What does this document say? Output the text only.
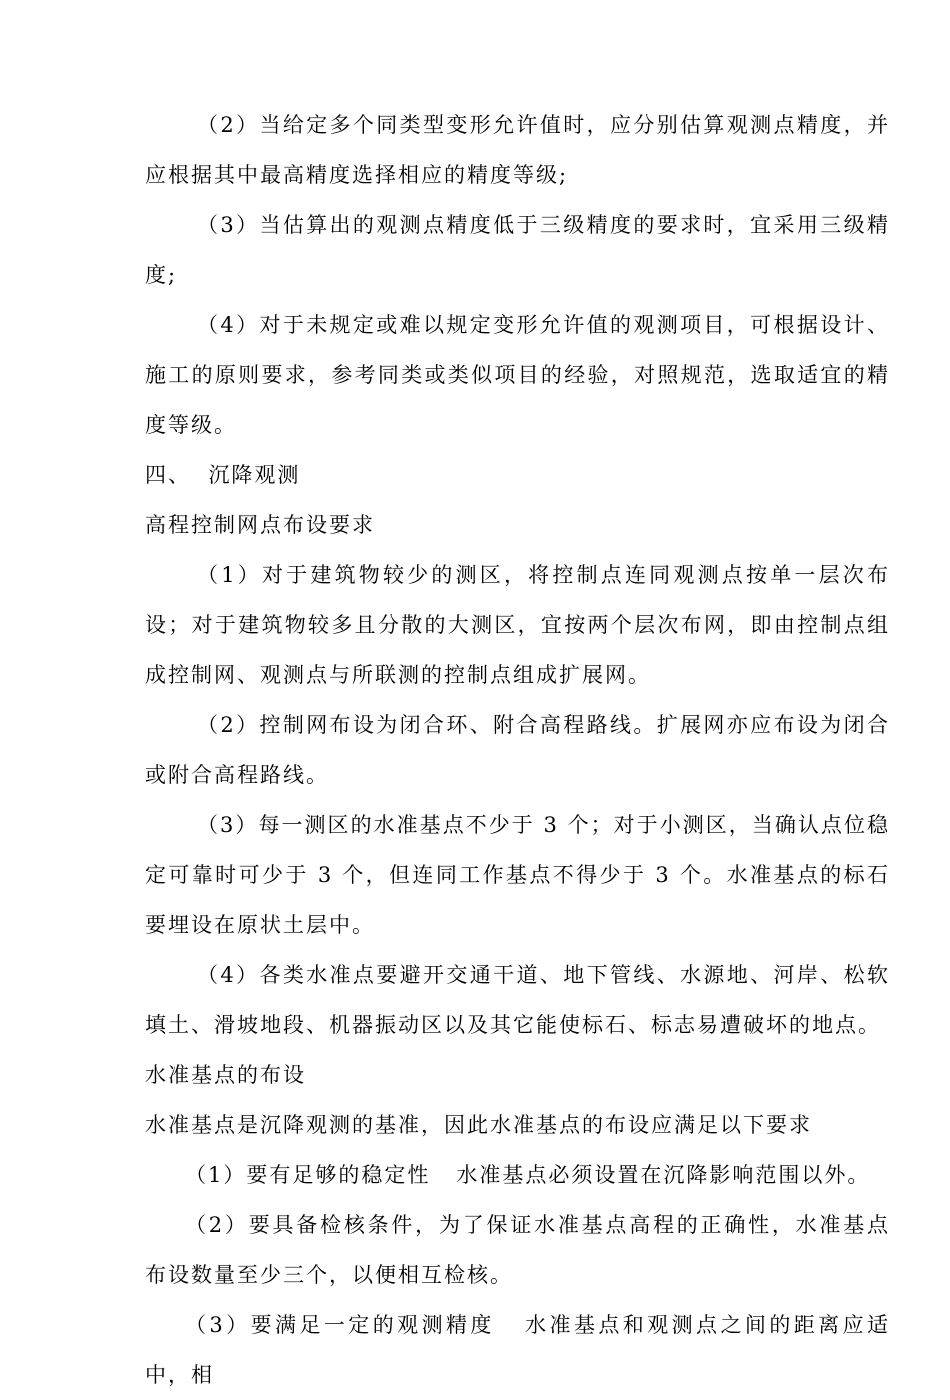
（2）当给定多个同类型变形允许值时，应分别估算观测点精度，并应根据其中最高精度选择相应的精度等级;

（3）当估算出的观测点精度低于三级精度的要求时，宜采用三级精度;

（4）对于未规定或难以规定变形允许值的观测项目，可根据设计、施工的原则要求，参考同类或类似项目的经验，对照规范，选取适宜的精度等级。

四、  沉降观测

高程控制网点布设要求

（1）对于建筑物较少的测区，将控制点连同观测点按单一层次布设；对于建筑物较多且分散的大测区，宜按两个层次布网，即由控制点组成控制网、观测点与所联测的控制点组成扩展网。

（2）控制网布设为闭合环、附合高程路线。扩展网亦应布设为闭合或附合高程路线。

（3）每一测区的水准基点不少于 3 个；对于小测区，当确认点位稳定可靠时可少于 3 个，但连同工作基点不得少于 3 个。水准基点的标石要埋设在原状土层中。

（4）各类水准点要避开交通干道、地下管线、水源地、河岸、松软填土、滑坡地段、机器振动区以及其它能使标石、标志易遭破坏的地点。

水准基点的布设

水准基点是沉降观测的基准，因此水准基点的布设应满足以下要求

（1）要有足够的稳定性   水准基点必须设置在沉降影响范围以外。

（2）要具备检核条件，为了保证水准基点高程的正确性，水准基点布设数量至少三个，以便相互检核。

（3）要满足一定的观测精度   水准基点和观测点之间的距离应适中，相
